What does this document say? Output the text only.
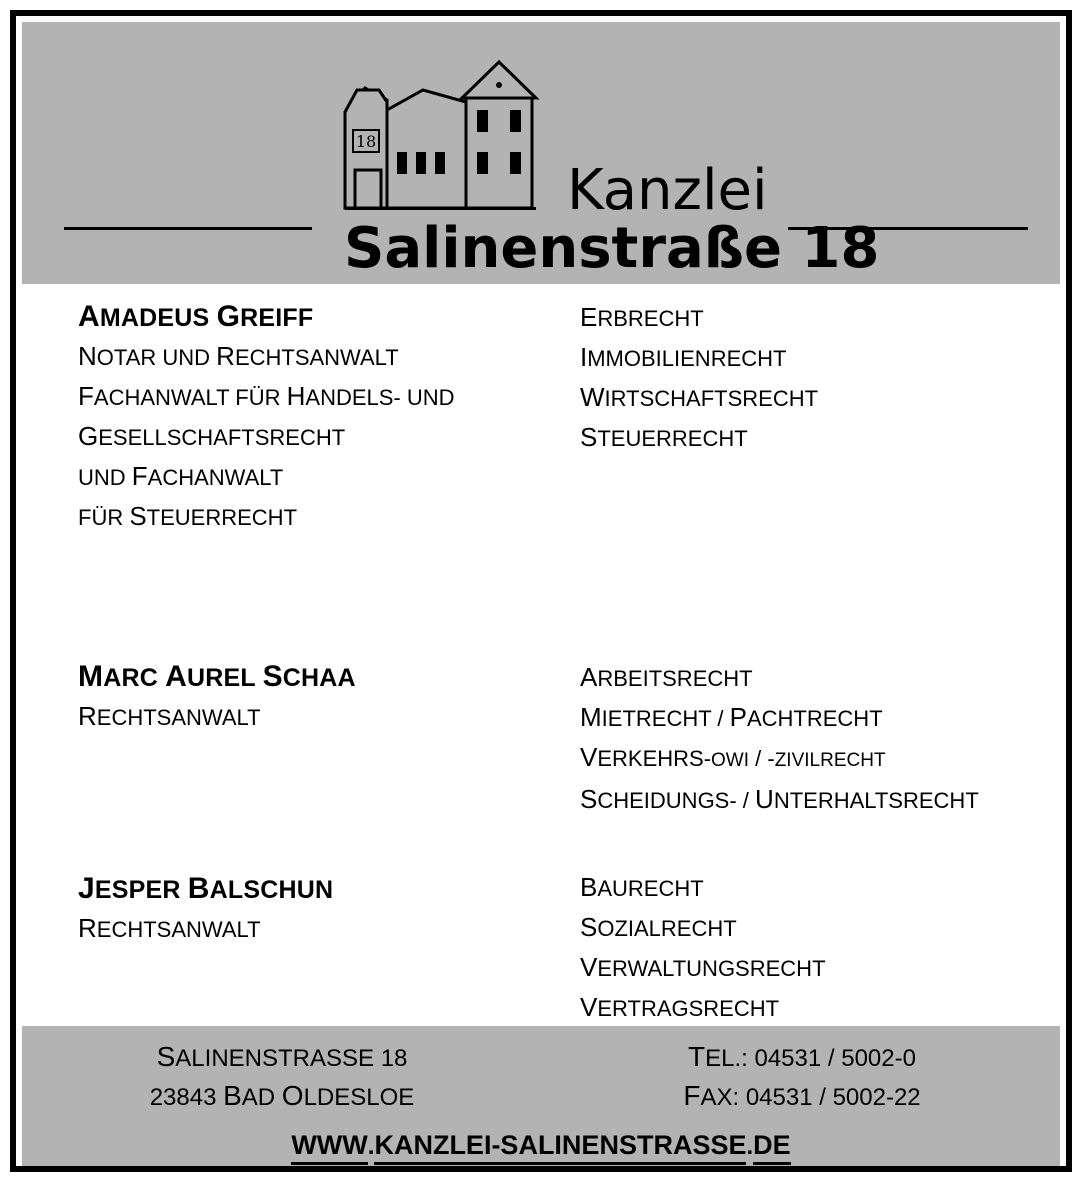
18
Kanzlei
Salinenstraße 18
AMADEUS GREIFF
NOTAR UND RECHTSANWALT
FACHANWALT FÜR HANDELS- UND
GESELLSCHAFTSRECHT
UND FACHANWALT
FÜR STEUERRECHT
ERBRECHT
IMMOBILIENRECHT
WIRTSCHAFTSRECHT
STEUERRECHT
MARC AUREL SCHAA
RECHTSANWALT
ARBEITSRECHT
MIETRECHT / PACHTRECHT
VERKEHRS-OWI / -ZIVILRECHT
SCHEIDUNGS- / UNTERHALTSRECHT
JESPER BALSCHUN
RECHTSANWALT
BAURECHT
SOZIALRECHT
VERWALTUNGSRECHT
VERTRAGSRECHT
SALINENSTRASSE 18
23843 BAD OLDESLOE
TEL.: 04531 / 5002-0
FAX: 04531 / 5002-22
WWW.KANZLEI-SALINENSTRASSE.DE
